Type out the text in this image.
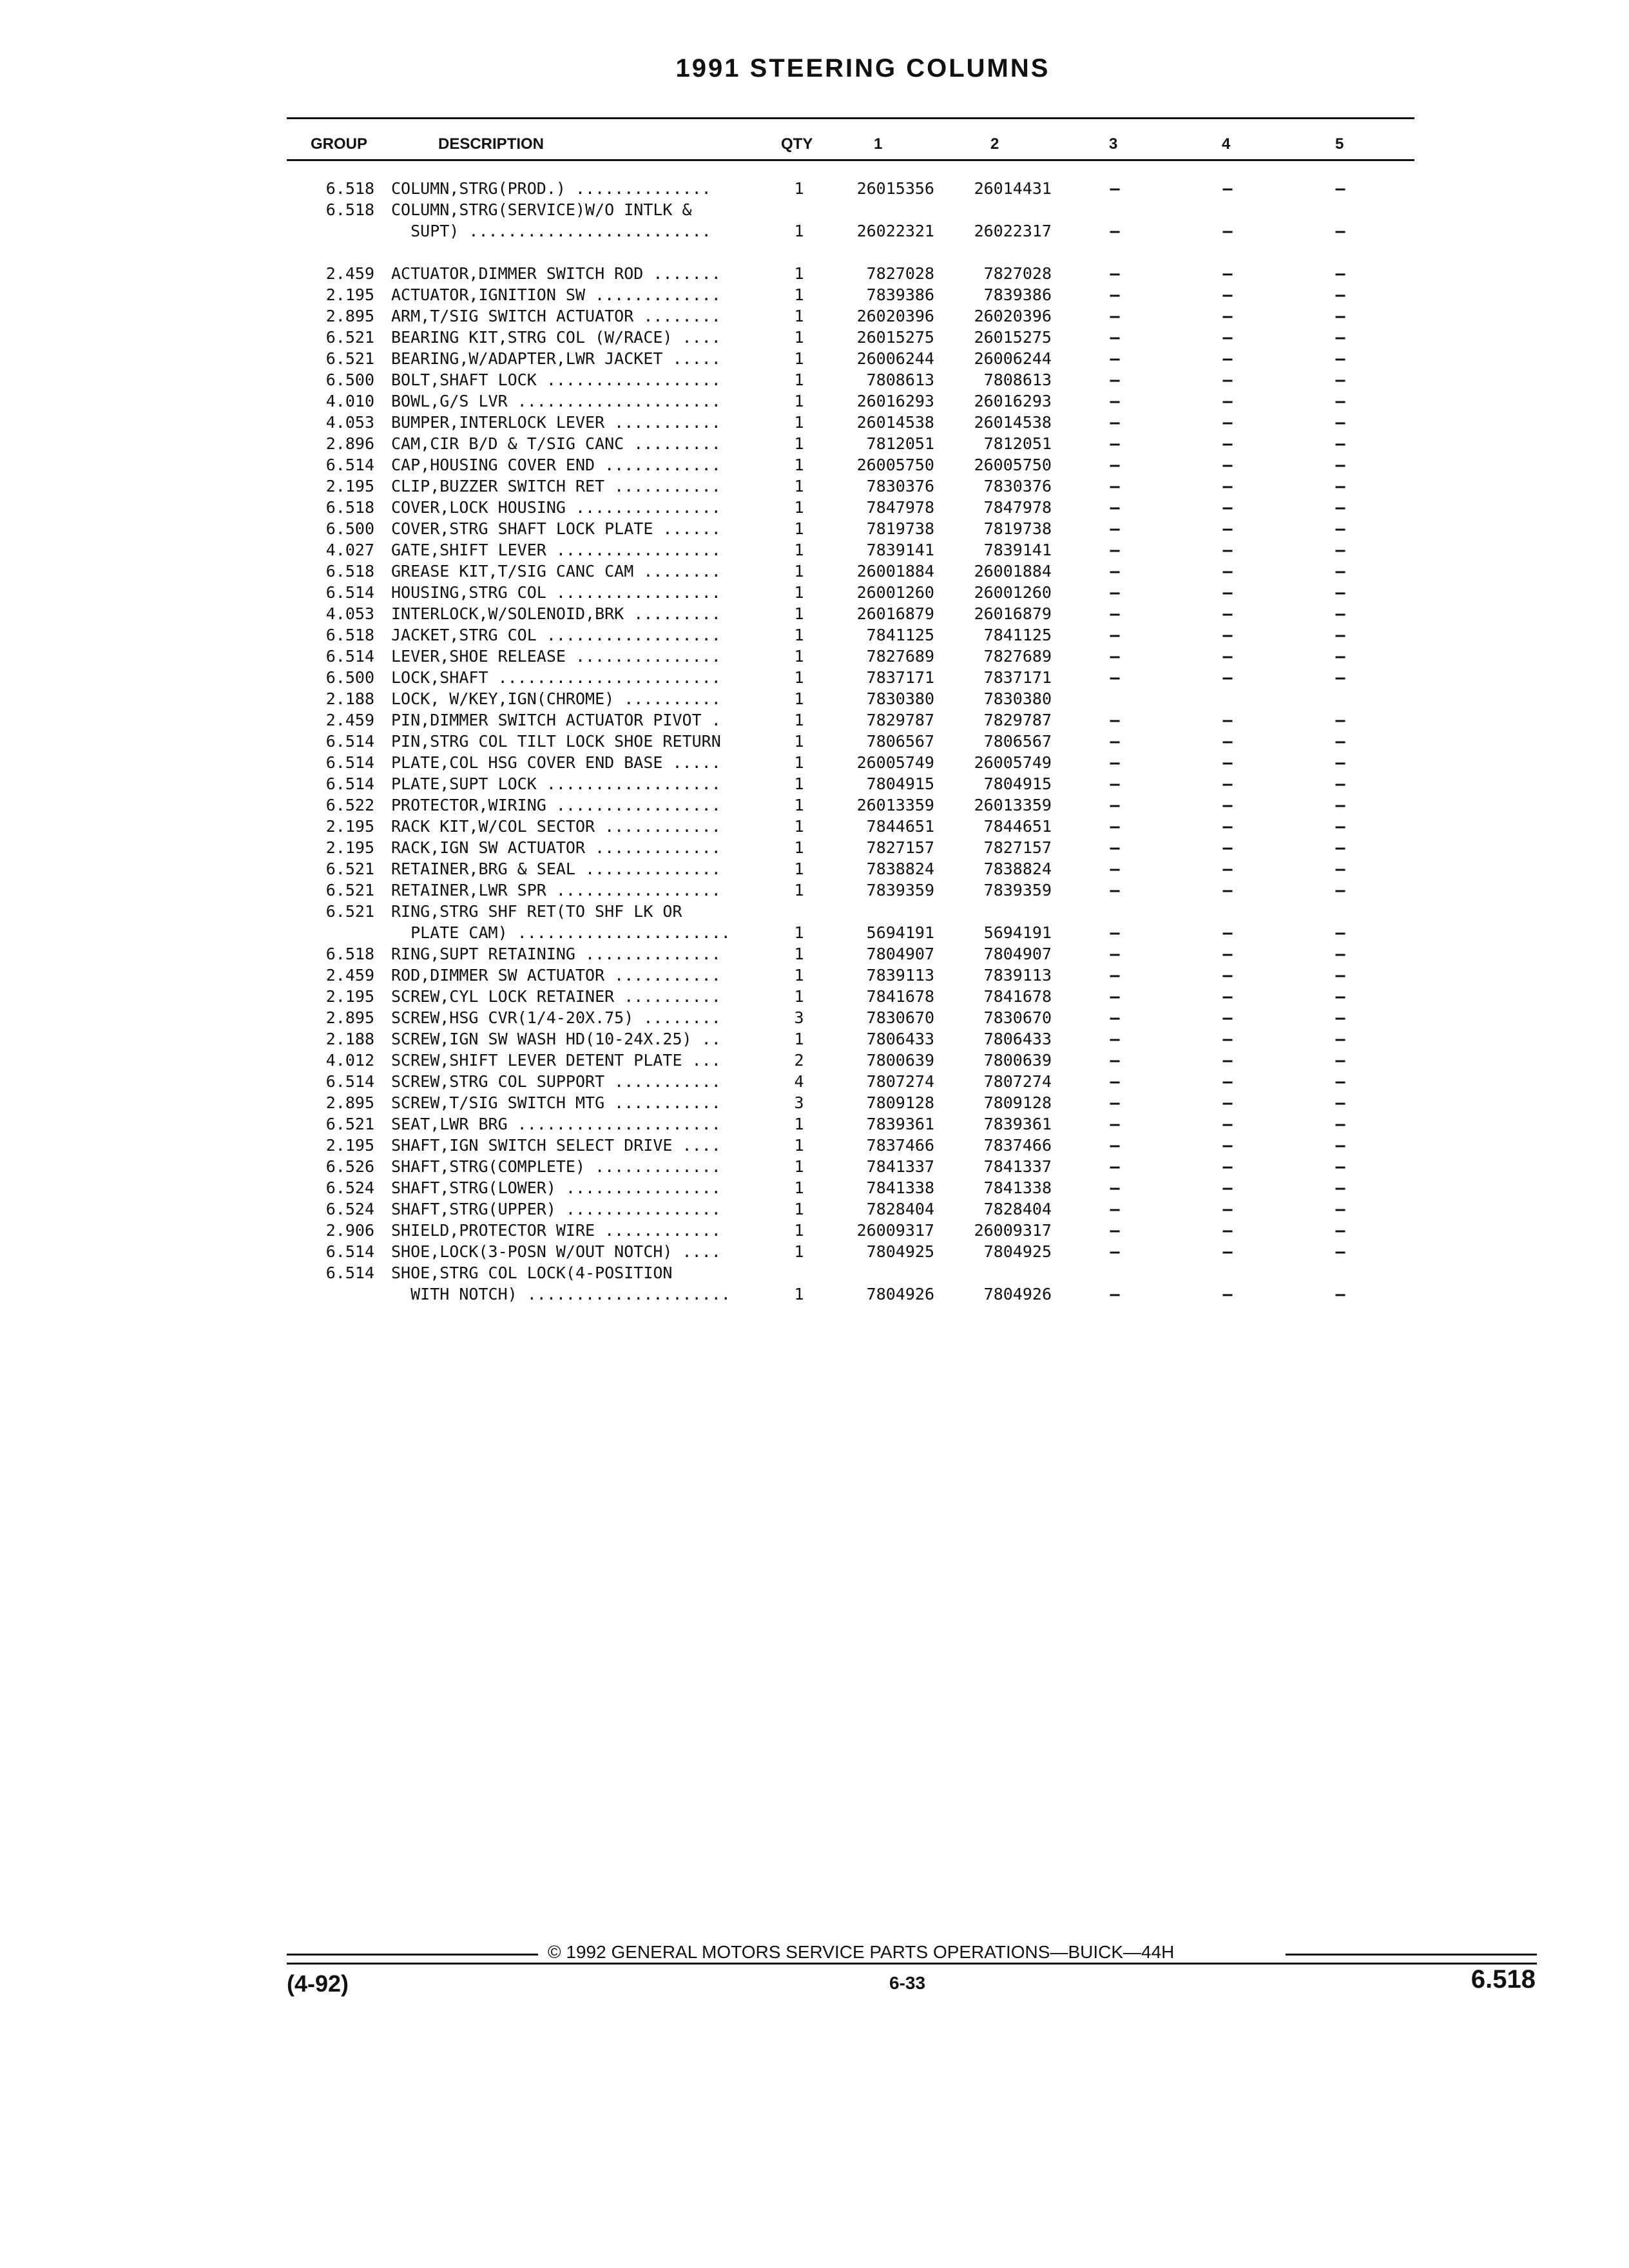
1991 STEERING COLUMNS
GROUP	DESCRIPTION	QTY	1	2	3	4	5
6.518 COLUMN,STRG(PROD.) ..............	1	26015356	26014431	—	—	—
6.518 COLUMN,STRG(SERVICE)W/O INTLK &
SUPT) .........................	1	26022321	26022317	—	—	—
2.459 ACTUATOR,DIMMER SWITCH ROD .......	1	7827028	7827028	—	—	—
2.195 ACTUATOR,IGNITION SW .............	1	7839386	7839386	—	—	—
2.895 ARM,T/SIG SWITCH ACTUATOR ........	1	26020396	26020396	—	—	—
6.521 BEARING KIT,STRG COL (W/RACE) ....	1	26015275	26015275	—	—	—
6.521 BEARING,W/ADAPTER,LWR JACKET .....	1	26006244	26006244	—	—	—
6.500 BOLT,SHAFT LOCK ..................	1	7808613	7808613	—	—	—
4.010 BOWL,G/S LVR .....................	1	26016293	26016293	—	—	—
4.053 BUMPER,INTERLOCK LEVER ...........	1	26014538	26014538	—	—	—
2.896 CAM,CIR B/D & T/SIG CANC .........	1	7812051	7812051	—	—	—
6.514 CAP,HOUSING COVER END ............	1	26005750	26005750	—	—	—
2.195 CLIP,BUZZER SWITCH RET ...........	1	7830376	7830376	—	—	—
6.518 COVER,LOCK HOUSING ...............	1	7847978	7847978	—	—	—
6.500 COVER,STRG SHAFT LOCK PLATE ......	1	7819738	7819738	—	—	—
4.027 GATE,SHIFT LEVER .................	1	7839141	7839141	—	—	—
6.518 GREASE KIT,T/SIG CANC CAM ........	1	26001884	26001884	—	—	—
6.514 HOUSING,STRG COL .................	1	26001260	26001260	—	—	—
4.053 INTERLOCK,W/SOLENOID,BRK .........	1	26016879	26016879	—	—	—
6.518 JACKET,STRG COL ..................	1	7841125	7841125	—	—	—
6.514 LEVER,SHOE RELEASE ...............	1	7827689	7827689	—	—	—
6.500 LOCK,SHAFT .......................	1	7837171	7837171	—	—	—
2.188 LOCK, W/KEY,IGN(CHROME) ..........	1	7830380	7830380
2.459 PIN,DIMMER SWITCH ACTUATOR PIVOT .	1	7829787	7829787	—	—	—
6.514 PIN,STRG COL TILT LOCK SHOE RETURN	1	7806567	7806567	—	—	—
6.514 PLATE,COL HSG COVER END BASE .....	1	26005749	26005749	—	—	—
6.514 PLATE,SUPT LOCK ..................	1	7804915	7804915	—	—	—
6.522 PROTECTOR,WIRING .................	1	26013359	26013359	—	—	—
2.195 RACK KIT,W/COL SECTOR ............	1	7844651	7844651	—	—	—
2.195 RACK,IGN SW ACTUATOR .............	1	7827157	7827157	—	—	—
6.521 RETAINER,BRG & SEAL ..............	1	7838824	7838824	—	—	—
6.521 RETAINER,LWR SPR .................	1	7839359	7839359	—	—	—
6.521 RING,STRG SHF RET(TO SHF LK OR
PLATE CAM) ......................	1	5694191	5694191	—	—	—
6.518 RING,SUPT RETAINING ..............	1	7804907	7804907	—	—	—
2.459 ROD,DIMMER SW ACTUATOR ...........	1	7839113	7839113	—	—	—
2.195 SCREW,CYL LOCK RETAINER ..........	1	7841678	7841678	—	—	—
2.895 SCREW,HSG CVR(1/4-20X.75) ........	3	7830670	7830670	—	—	—
2.188 SCREW,IGN SW WASH HD(10-24X.25) ..	1	7806433	7806433	—	—	—
4.012 SCREW,SHIFT LEVER DETENT PLATE ...	2	7800639	7800639	—	—	—
6.514 SCREW,STRG COL SUPPORT ...........	4	7807274	7807274	—	—	—
2.895 SCREW,T/SIG SWITCH MTG ...........	3	7809128	7809128	—	—	—
6.521 SEAT,LWR BRG .....................	1	7839361	7839361	—	—	—
2.195 SHAFT,IGN SWITCH SELECT DRIVE ....	1	7837466	7837466	—	—	—
6.526 SHAFT,STRG(COMPLETE) .............	1	7841337	7841337	—	—	—
6.524 SHAFT,STRG(LOWER) ................	1	7841338	7841338	—	—	—
6.524 SHAFT,STRG(UPPER) ................	1	7828404	7828404	—	—	—
2.906 SHIELD,PROTECTOR WIRE ............	1	26009317	26009317	—	—	—
6.514 SHOE,LOCK(3-POSN W/OUT NOTCH) ....	1	7804925	7804925	—	—	—
6.514 SHOE,STRG COL LOCK(4-POSITION
WITH NOTCH) .....................	1	7804926	7804926	—	—	—
© 1992 GENERAL MOTORS SERVICE PARTS OPERATIONS—BUICK—44H
(4-92)	6-33	6.518
